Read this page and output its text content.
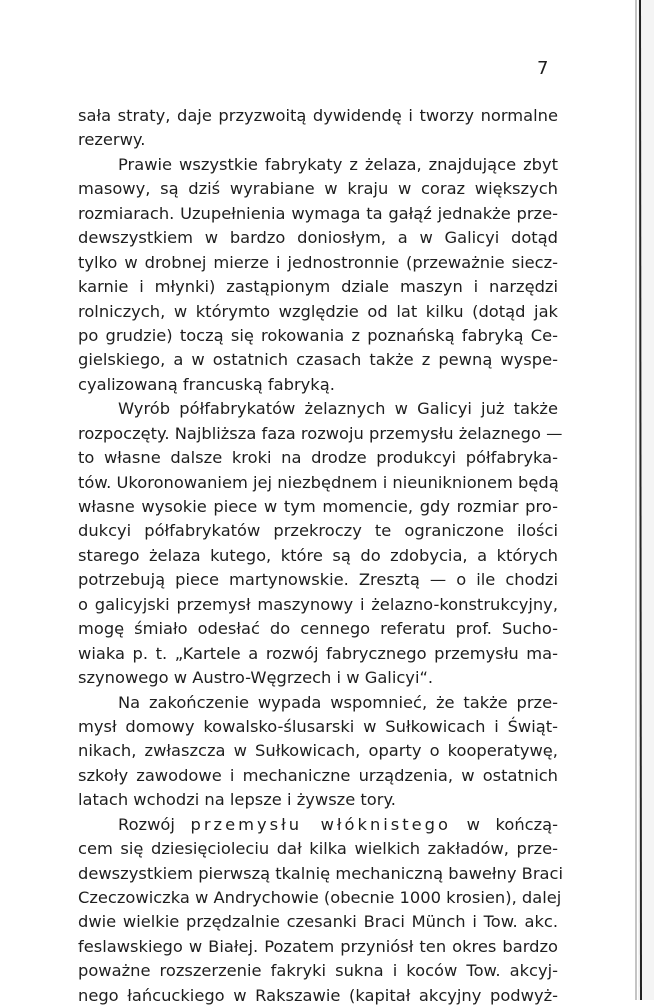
7
sała straty, daje przyzwoitą dywidendę i tworzy normalne
rezerwy.
Prawie wszystkie fabrykaty z żelaza, znajdujące zbyt
masowy, są dziś wyrabiane w kraju w coraz większych
rozmiarach. Uzupełnienia wymaga ta gałąź jednakże prze-
dewszystkiem w bardzo doniosłym, a w Galicyi dotąd
tylko w drobnej mierze i jednostronnie (przeważnie siecz-
karnie i młynki) zastąpionym dziale maszyn i narzędzi
rolniczych, w którymto względzie od lat kilku (dotąd jak
po grudzie) toczą się rokowania z poznańską fabryką Ce-
gielskiego, a w ostatnich czasach także z pewną wyspe-
cyalizowaną francuską fabryką.
Wyrób półfabrykatów żelaznych w Galicyi już także
rozpoczęty. Najbliższa faza rozwoju przemysłu żelaznego —
to własne dalsze kroki na drodze produkcyi półfabryka-
tów. Ukoronowaniem jej niezbędnem i nieuniknionem będą
własne wysokie piece w tym momencie, gdy rozmiar pro-
dukcyi półfabrykatów przekroczy te ograniczone ilości
starego żelaza kutego, które są do zdobycia, a których
potrzebują piece martynowskie. Zresztą — o ile chodzi
o galicyjski przemysł maszynowy i żelazno-konstrukcyjny,
mogę śmiało odesłać do cennego referatu prof. Sucho-
wiaka p. t. „Kartele a rozwój fabrycznego przemysłu ma-
szynowego w Austro-Węgrzech i w Galicyi“.
Na zakończenie wypada wspomnieć, że także prze-
mysł domowy kowalsko-ślusarski w Sułkowicach i Świąt-
nikach, zwłaszcza w Sułkowicach, oparty o kooperatywę,
szkoły zawodowe i mechaniczne urządzenia, w ostatnich
latach wchodzi na lepsze i żywsze tory.
Rozwój przemysłu włóknistego w kończą-
cem się dziesięcioleciu dał kilka wielkich zakładów, prze-
dewszystkiem pierwszą tkalnię mechaniczną bawełny Braci
Czeczowiczka w Andrychowie (obecnie 1000 krosien), dalej
dwie wielkie przędzalnie czesanki Braci Münch i Tow. akc.
feslawskiego w Białej. Pozatem przyniósł ten okres bardzo
poważne rozszerzenie fakryki sukna i koców Tow. akcyj-
nego łańcuckiego w Rakszawie (kapitał akcyjny podwyż-
